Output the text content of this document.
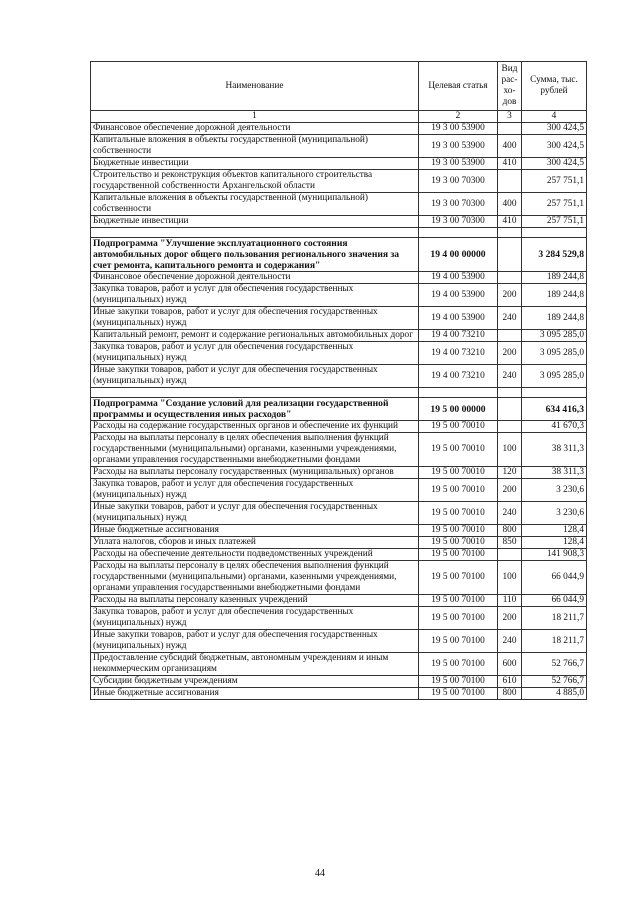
Наименование	Целевая статья	Вид рас-хо-дов	Сумма, тыс. рублей
1	2	3	4
Финансовое обеспечение дорожной деятельности	19 3 00 53900		300 424,5
Капитальные вложения в объекты государственной (муниципальной) собственности	19 3 00 53900	400	300 424,5
Бюджетные инвестиции	19 3 00 53900	410	300 424,5
Строительство и реконструкция объектов капитального строительства государственной собственности Архангельской области	19 3 00 70300		257 751,1
Капитальные вложения в объекты государственной (муниципальной) собственности	19 3 00 70300	400	257 751,1
Бюджетные инвестиции	19 3 00 70300	410	257 751,1

Подпрограмма "Улучшение эксплуатационного состояния автомобильных дорог общего пользования регионального значения за счет ремонта, капитального ремонта и содержания"	19 4 00 00000		3 284 529,8
Финансовое обеспечение дорожной деятельности	19 4 00 53900		189 244,8
Закупка товаров, работ и услуг для обеспечения государственных (муниципальных) нужд	19 4 00 53900	200	189 244,8
Иные закупки товаров, работ и услуг для обеспечения государственных (муниципальных) нужд	19 4 00 53900	240	189 244,8
Капитальный ремонт, ремонт и содержание региональных автомобильных дорог	19 4 00 73210		3 095 285,0
Закупка товаров, работ и услуг для обеспечения государственных (муниципальных) нужд	19 4 00 73210	200	3 095 285,0
Иные закупки товаров, работ и услуг для обеспечения государственных (муниципальных) нужд	19 4 00 73210	240	3 095 285,0

Подпрограмма "Создание условий для реализации государственной программы и осуществления иных расходов"	19 5 00 00000		634 416,3
Расходы на содержание государственных органов и обеспечение их функций	19 5 00 70010		41 670,3
Расходы на выплаты персоналу в целях обеспечения выполнения функций государственными (муниципальными) органами, казенными учреждениями, органами управления государственными внебюджетными фондами	19 5 00 70010	100	38 311,3
Расходы на выплаты персоналу государственных (муниципальных) органов	19 5 00 70010	120	38 311,3
Закупка товаров, работ и услуг для обеспечения государственных (муниципальных) нужд	19 5 00 70010	200	3 230,6
Иные закупки товаров, работ и услуг для обеспечения государственных (муниципальных) нужд	19 5 00 70010	240	3 230,6
Иные бюджетные ассигнования	19 5 00 70010	800	128,4
Уплата налогов, сборов и иных платежей	19 5 00 70010	850	128,4
Расходы на обеспечение деятельности подведомственных учреждений	19 5 00 70100		141 908,3
Расходы на выплаты персоналу в целях обеспечения выполнения функций государственными (муниципальными) органами, казенными учреждениями, органами управления государственными внебюджетными фондами	19 5 00 70100	100	66 044,9
Расходы на выплаты персоналу казенных учреждений	19 5 00 70100	110	66 044,9
Закупка товаров, работ и услуг для обеспечения государственных (муниципальных) нужд	19 5 00 70100	200	18 211,7
Иные закупки товаров, работ и услуг для обеспечения государственных (муниципальных) нужд	19 5 00 70100	240	18 211,7
Предоставление субсидий бюджетным, автономным учреждениям и иным некоммерческим организациям	19 5 00 70100	600	52 766,7
Субсидии бюджетным учреждениям	19 5 00 70100	610	52 766,7
Иные бюджетные ассигнования	19 5 00 70100	800	4 885,0
44
